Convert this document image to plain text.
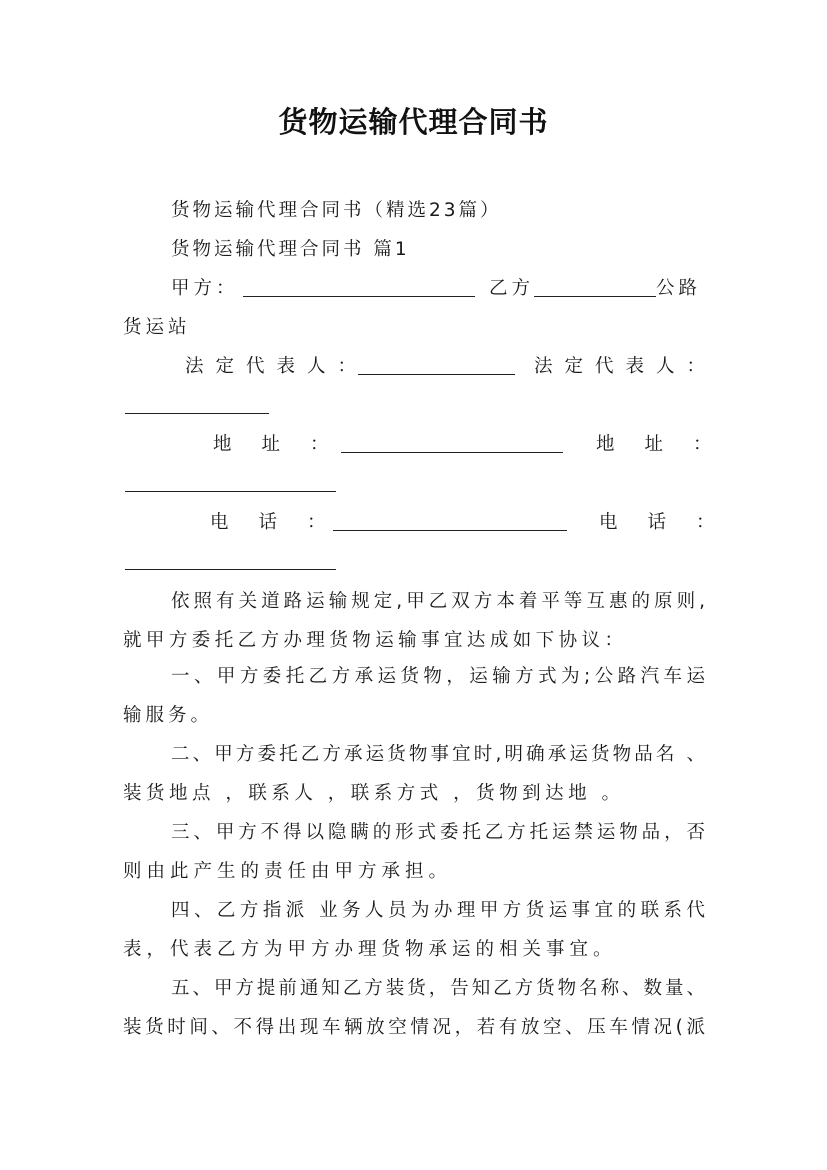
货物运输代理合同书
货物运输代理合同书（精选23篇）
货物运输代理合同书 篇1
甲方：	乙方	公路
货运站
法定代表人：	法定代表人：
地址：	地址：
电话：	电话：
依照有关道路运输规定,甲乙双方本着平等互惠的原则,
就甲方委托乙方办理货物运输事宜达成如下协议：
一、甲方委托乙方承运货物，运输方式为;公路汽车运
输服务。
二、甲方委托乙方承运货物事宜时,明确承运货物品名 、
装货地点 ，联系人 ，联系方式 ，货物到达地 。
三、甲方不得以隐瞒的形式委托乙方托运禁运物品，否
则由此产生的责任由甲方承担。
四、乙方指派 业务人员为办理甲方货运事宜的联系代
表，代表乙方为甲方办理货物承运的相关事宜。
五、甲方提前通知乙方装货，告知乙方货物名称、数量、
装货时间、不得出现车辆放空情况，若有放空、压车情况(派
